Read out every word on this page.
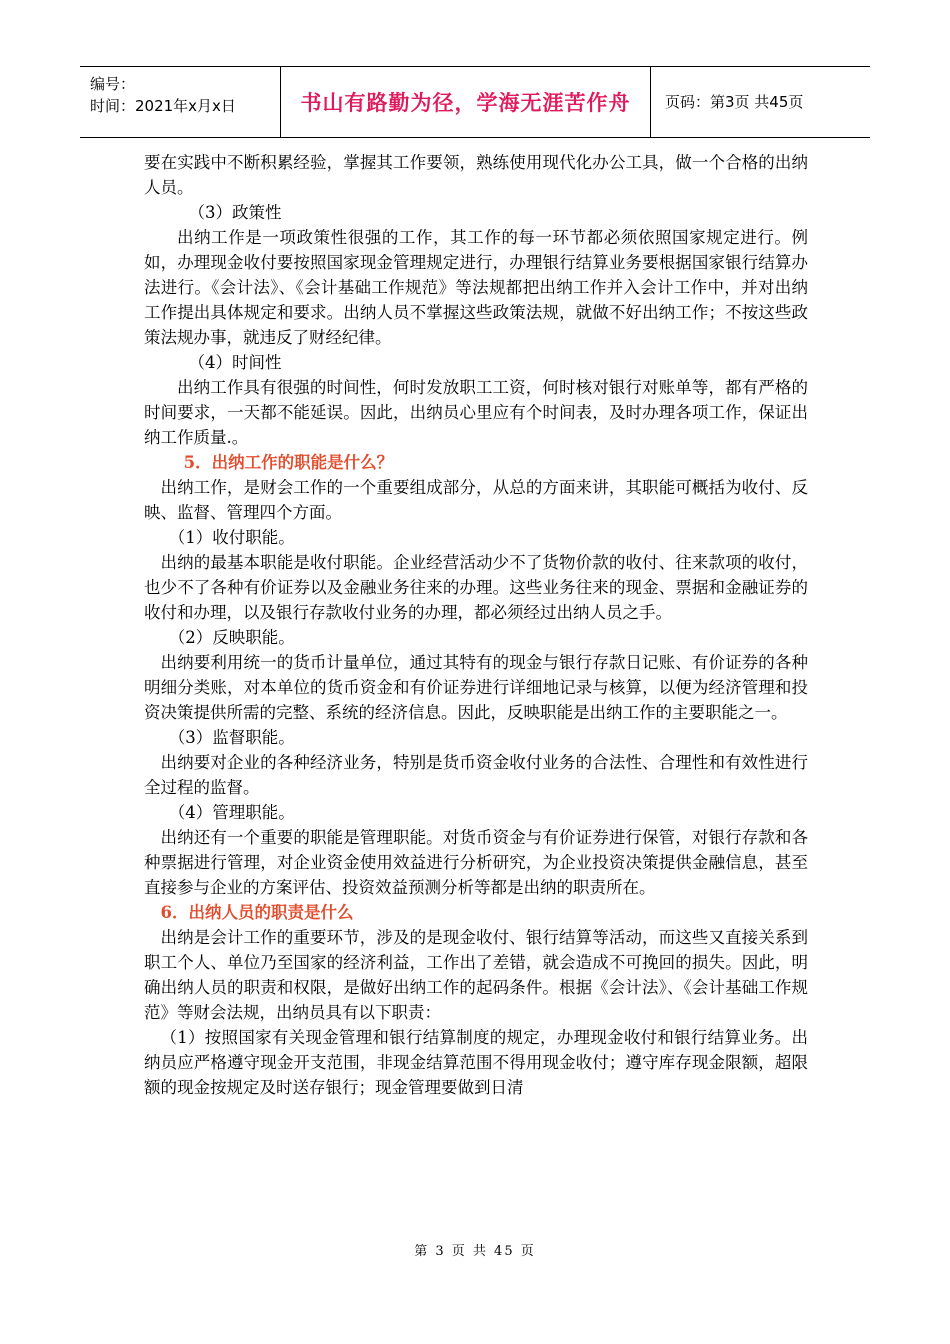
编号：
时间：2021年x月x日	书山有路勤为径，学海无涯苦作舟	页码：第3页 共45页

要在实践中不断积累经验，掌握其工作要领，熟练使用现代化办公工具，做一个合格的出纳人员。

（3）政策性

出纳工作是一项政策性很强的工作，其工作的每一环节都必须依照国家规定进行。例如，办理现金收付要按照国家现金管理规定进行，办理银行结算业务要根据国家银行结算办法进行。《会计法》、《会计基础工作规范》等法规都把出纳工作并入会计工作中，并对出纳工作提出具体规定和要求。出纳人员不掌握这些政策法规，就做不好出纳工作；不按这些政策法规办事，就违反了财经纪律。

（4）时间性

出纳工作具有很强的时间性，何时发放职工工资，何时核对银行对账单等，都有严格的时间要求，一天都不能延误。因此，出纳员心里应有个时间表，及时办理各项工作，保证出纳工作质量.。

5．出纳工作的职能是什么？

出纳工作，是财会工作的一个重要组成部分，从总的方面来讲，其职能可概括为收付、反映、监督、管理四个方面。

（1）收付职能。

出纳的最基本职能是收付职能。企业经营活动少不了货物价款的收付、往来款项的收付，也少不了各种有价证券以及金融业务往来的办理。这些业务往来的现金、票据和金融证券的收付和办理，以及银行存款收付业务的办理，都必须经过出纳人员之手。

（2）反映职能。

出纳要利用统一的货币计量单位，通过其特有的现金与银行存款日记账、有价证券的各种明细分类账，对本单位的货币资金和有价证券进行详细地记录与核算，以便为经济管理和投资决策提供所需的完整、系统的经济信息。因此，反映职能是出纳工作的主要职能之一。

（3）监督职能。

出纳要对企业的各种经济业务，特别是货币资金收付业务的合法性、合理性和有效性进行全过程的监督。

（4）管理职能。

出纳还有一个重要的职能是管理职能。对货币资金与有价证券进行保管，对银行存款和各种票据进行管理，对企业资金使用效益进行分析研究，为企业投资决策提供金融信息，甚至直接参与企业的方案评估、投资效益预测分析等都是出纳的职责所在。

6．出纳人员的职责是什么

出纳是会计工作的重要环节，涉及的是现金收付、银行结算等活动，而这些又直接关系到职工个人、单位乃至国家的经济利益，工作出了差错，就会造成不可挽回的损失。因此，明确出纳人员的职责和权限，是做好出纳工作的起码条件。根据《会计法》、《会计基础工作规范》等财会法规，出纳员具有以下职责：

（1）按照国家有关现金管理和银行结算制度的规定，办理现金收付和银行结算业务。出纳员应严格遵守现金开支范围，非现金结算范围不得用现金收付；遵守库存现金限额，超限额的现金按规定及时送存银行；现金管理要做到日清

第 3 页 共 45 页
